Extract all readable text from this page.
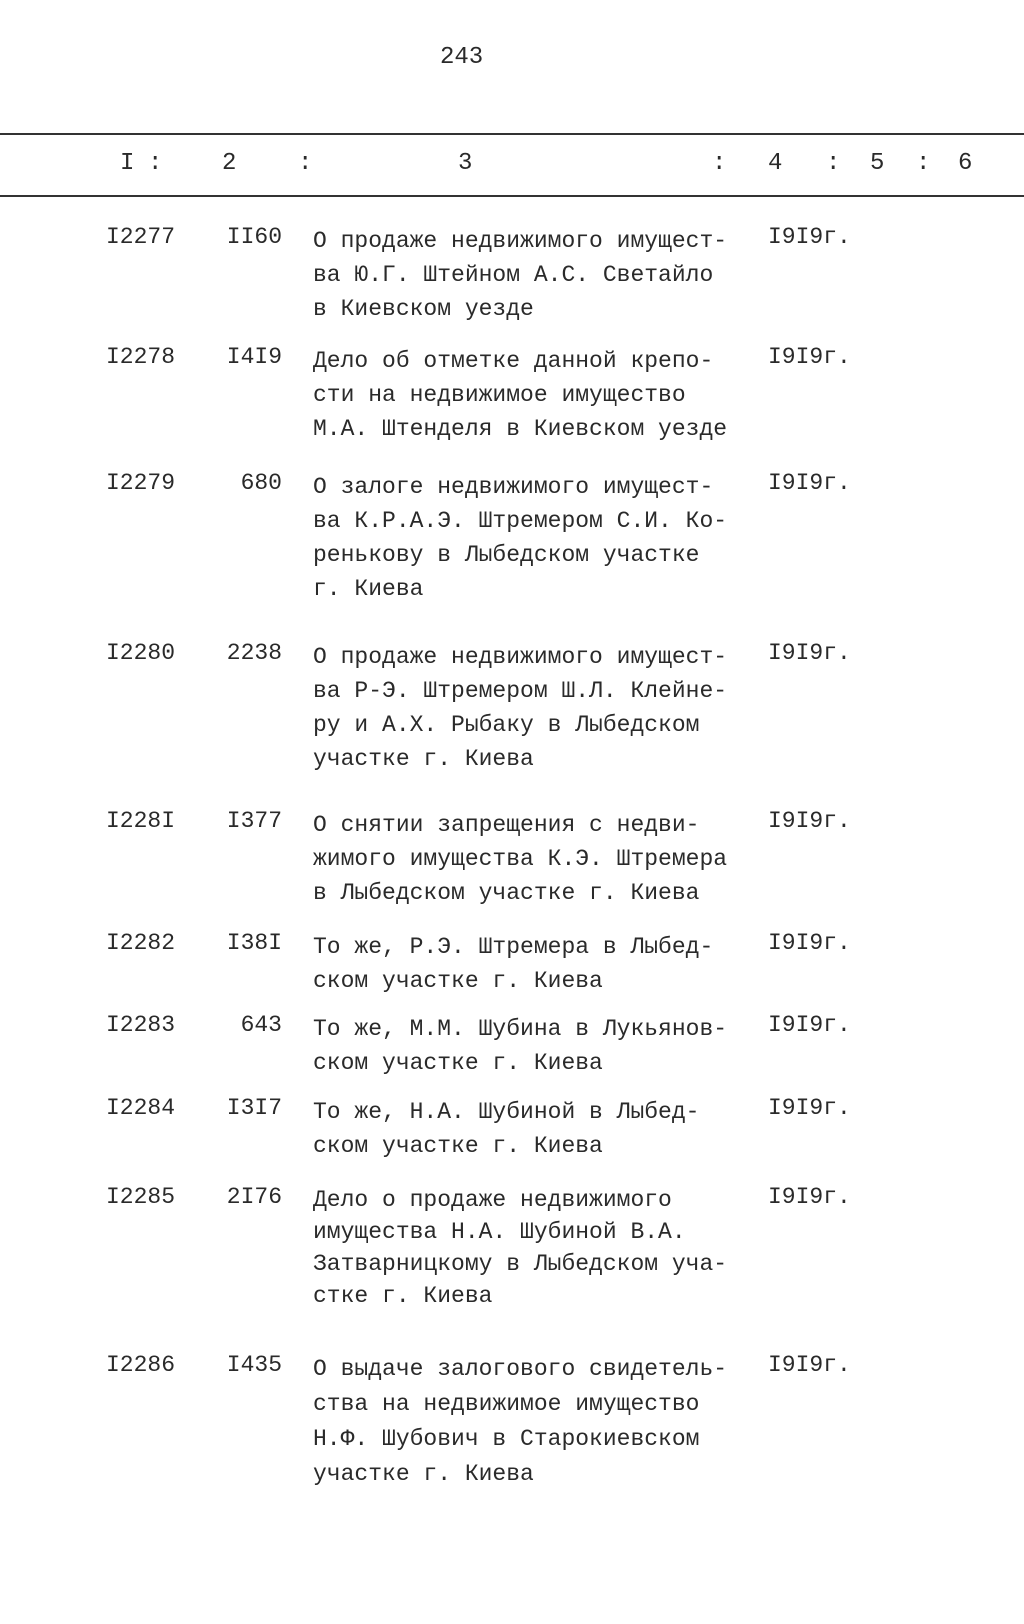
243
I : 2	:	3	: 4 : 5 : 6
I2277 II60 О продаже недвижимого имущест-
ва Ю.Г. Штейном А.С. Светайло
в Киевском уезде
I9I9г.
I2278 I4I9 Дело об отметке данной крепо-
сти на недвижимое имущество
М.А. Штенделя в Киевском уезде
I9I9г.
I2279	680 О залоге недвижимого имущест-
ва К.Р.А.Э. Штремером С.И. Ко-
ренькову в Лыбедском участке
г. Киева
I9I9г.
I2280 2238 О продаже недвижимого имущест-
ва Р-Э. Штремером Ш.Л. Клейне-
ру и А.Х. Рыбаку в Лыбедском
участке г. Киева
I9I9г.
I228I I377 О снятии запрещения с недви-
жимого имущества К.Э. Штремера
в Лыбедском участке г. Киева
I9I9г.
I2282 I38I То же, Р.Э. Штремера в Лыбед-
ском участке г. Киева
I9I9г.
I2283	643 То же, М.М. Шубина в Лукьянов-
ском участке г. Киева
I9I9г.
I2284 I3I7 То же, Н.А. Шубиной в Лыбед-
ском участке г. Киева
I9I9г.
I2285 2I76 Дело о продаже недвижимого
имущества Н.А. Шубиной В.А.
Затварницкому в Лыбедском уча-
стке г. Киева
I9I9г.
I2286 I435 О выдаче залогового свидетель-
ства на недвижимое имущество
Н.Ф. Шубович в Старокиевском
участке г. Киева
I9I9г.
